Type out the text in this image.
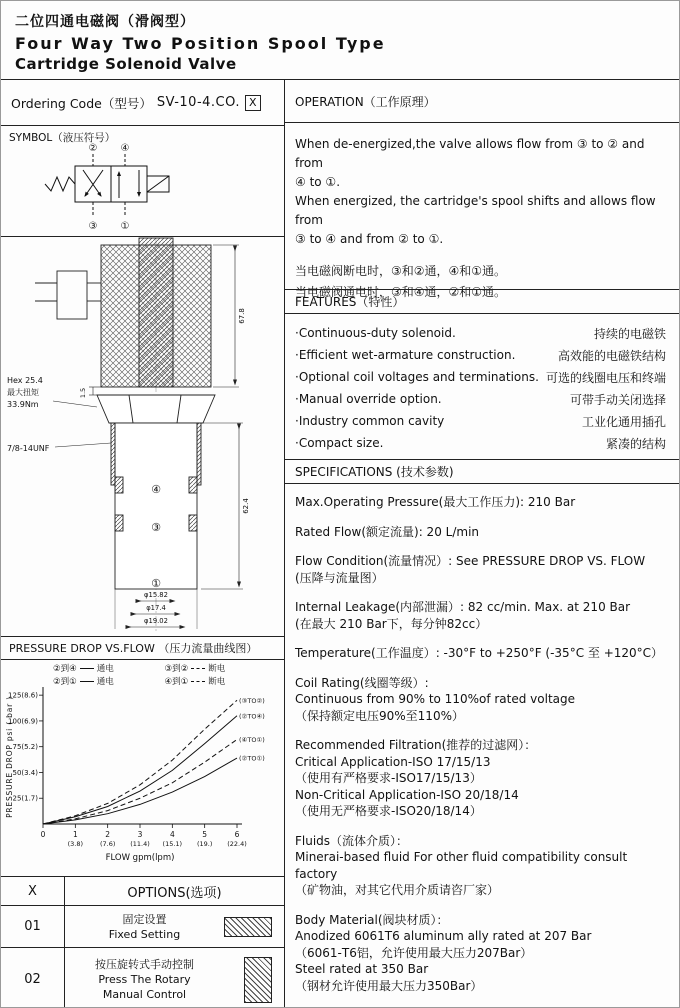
二位四通电磁阀（滑阀型）
Four Way Two Position Spool Type
Cartridge Solenoid Valve
Ordering Code（型号） SV-10-4.CO. X
SYMBOL（液压符号）
② ④
③ ①
Hex 25.4
最大扭矩
33.9Nm
7/8-14UNF
67.8
1.5
62.4
④
③
①
φ15.82
φ17.4
φ19.02
PRESSURE DROP VS.FLOW （压力流量曲线图）
②到④ 通电	③到② 断电
②到① 通电	④到① 断电
25(1.7)
50(3.4)
75(5.2)
100(6.9)
125(8.6)
0	1
(3.8)
2
(7.6)
3
(11.4)
4
(15.1)
5
(19.)
6
(22.4)
(③TO②)
(②TO④)
(④TO①)
(②TO①)
PRESSURE DROP psi ( bar )
FLOW gpm(lpm)
X	OPTIONS(选项)
01	固定设置
Fixed Setting
02
按压旋转式手动控制
Press The Rotary
Manual Control
OPERATION（工作原理）
When de-energized,the valve allows flow from ③ to ② and from
④ to ①.
When energized, the cartridge's spool shifts and allows flow from
③ to ④ and from ② to ①.
当电磁阀断电时，③和②通，④和①通。
当电磁阀通电时，③和④通，②和①通。
FEATURES（特性）
·Continuous-duty solenoid.	持续的电磁铁
·Efficient wet-armature construction.	高效能的电磁铁结构
·Optional coil voltages and terminations. 可选的线圈电压和终端
·Manual override option.	可带手动关闭选择
·Industry common cavity	工业化通用插孔
·Compact size.	紧凑的结构
SPECIFICATIONS (技术参数)
Max.Operating Pressure(最大工作压力): 210 Bar
Rated Flow(额定流量): 20 L/min
Flow Condition(流量情况）: See PRESSURE DROP VS. FLOW
(压降与流量图）
Internal Leakage(内部泄漏）: 82 cc/min. Max. at 210 Bar
(在最大 210 Bar下，每分钟82cc）
Temperature(工作温度）: -30°F to +250°F (-35°C 至 +120°C）
Coil Rating(线圈等级）:
Continuous from 90% to 110%of rated voltage
（保持额定电压90%至110%）
Recommended Filtration(推荐的过滤网）：
Critical Application-ISO 17/15/13
（使用有严格要求-ISO17/15/13）
Non-Critical Application-ISO 20/18/14
（使用无严格要求-ISO20/18/14）
Fluids（流体介质）：
Minerai-based fluid For other fluid compatibility consult factory
（矿物油，对其它代用介质请咨厂家）
Body Material(阀块材质）：
Anodized 6061T6 aluminum ally rated at 207 Bar
（6061-T6铝，允许使用最大压力207Bar）
Steel rated at 350 Bar
（钢材允许使用最大压力350Bar）
